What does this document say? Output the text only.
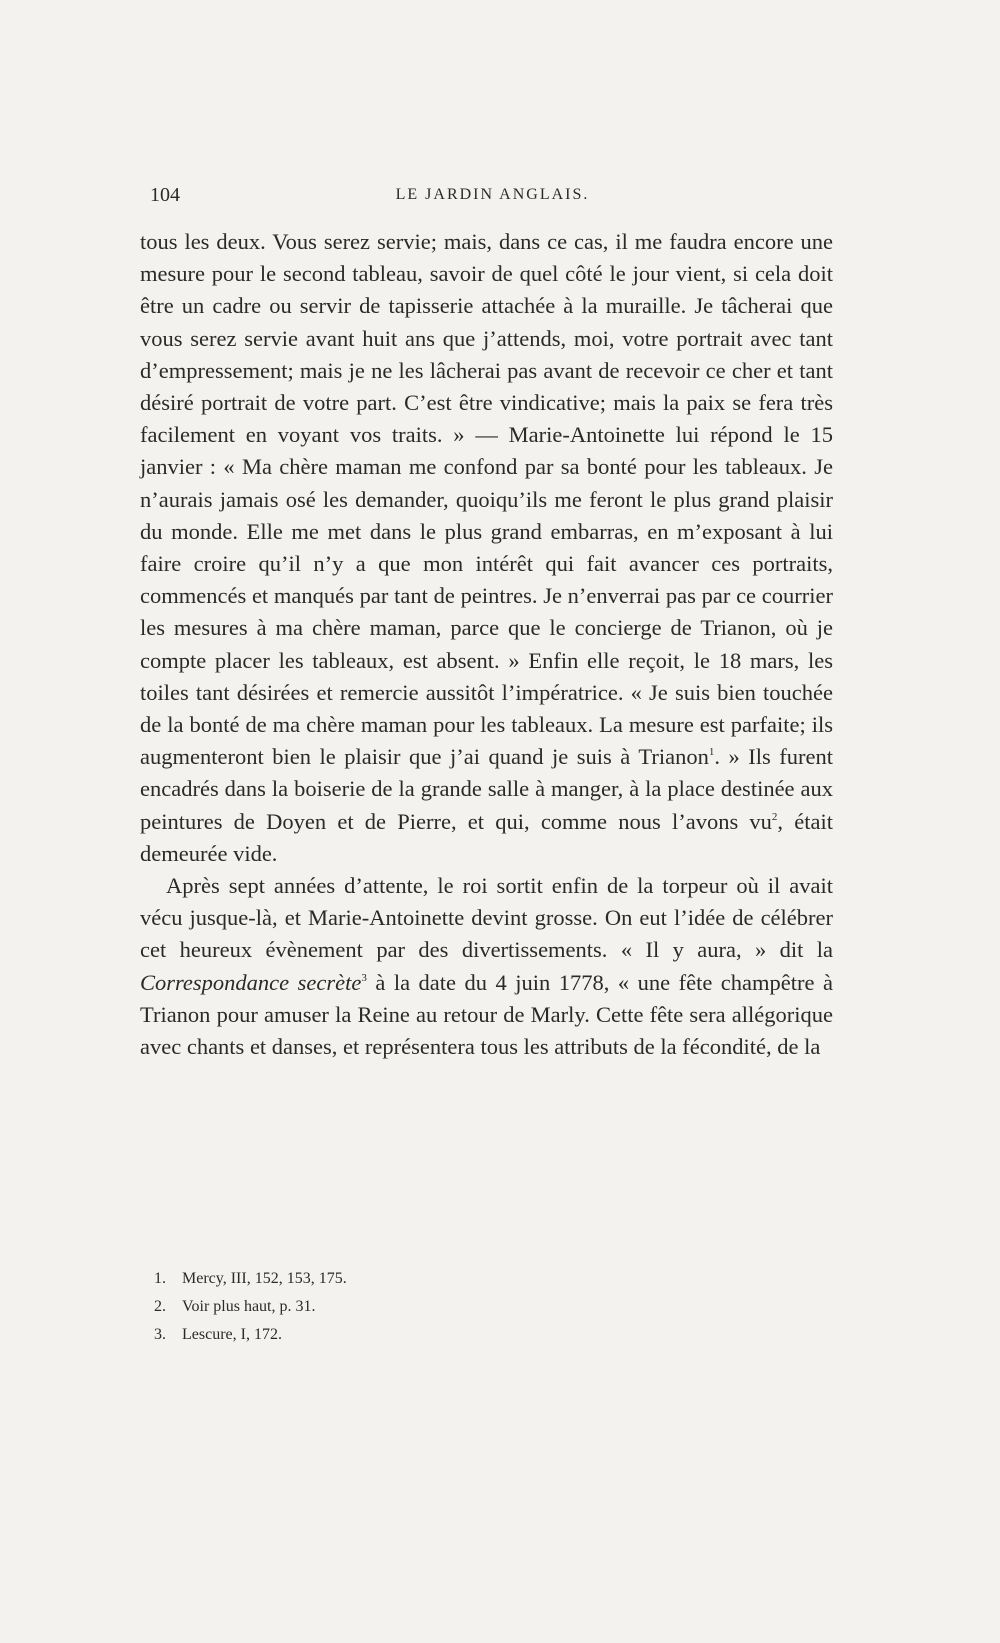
104	LE JARDIN ANGLAIS.

tous les deux. Vous serez servie; mais, dans ce cas, il me faudra encore une mesure pour le second tableau, savoir de quel côté le jour vient, si cela doit être un cadre ou servir de tapisserie attachée à la muraille. Je tâcherai que vous serez servie avant huit ans que j’attends, moi, votre portrait avec tant d’empressement; mais je ne les lâcherai pas avant de recevoir ce cher et tant désiré portrait de votre part. C’est être vindicative; mais la paix se fera très facilement en voyant vos traits. » — Marie-Antoinette lui répond le 15 janvier : « Ma chère maman me confond par sa bonté pour les tableaux. Je n’aurais jamais osé les demander, quoiqu’ils me feront le plus grand plaisir du monde. Elle me met dans le plus grand embarras, en m’exposant à lui faire croire qu’il n’y a que mon intérêt qui fait avancer ces portraits, commencés et manqués par tant de peintres. Je n’enverrai pas par ce courrier les mesures à ma chère maman, parce que le concierge de Trianon, où je compte placer les tableaux, est absent. » Enfin elle reçoit, le 18 mars, les toiles tant désirées et remercie aussitôt l’impératrice. « Je suis bien touchée de la bonté de ma chère maman pour les tableaux. La mesure est parfaite; ils augmenteront bien le plaisir que j’ai quand je suis à Trianon$^1$. » Ils furent encadrés dans la boiserie de la grande salle à manger, à la place destinée aux peintures de Doyen et de Pierre, et qui, comme nous l’avons $vu^2$, était demeurée vide.

Après sept années d’attente, le roi sortit enfin de la torpeur où il avait vécu jusque-là, et Marie-Antoinette devint grosse. On eut l’idée de célébrer cet heureux évènement par des divertissements. « Il y aura, » dit la Correspondance secrète$^3$ à la date du 4 juin 1778, « une fête champêtre à Trianon pour amuser la Reine au retour de Marly. Cette fête sera allégorique avec chants et danses, et représentera tous les attributs de la fécondité, de la

1. Mercy, III, 152, 153, 175.

2. Voir plus haut, p. 31.

3. Lescure, I, 172.
